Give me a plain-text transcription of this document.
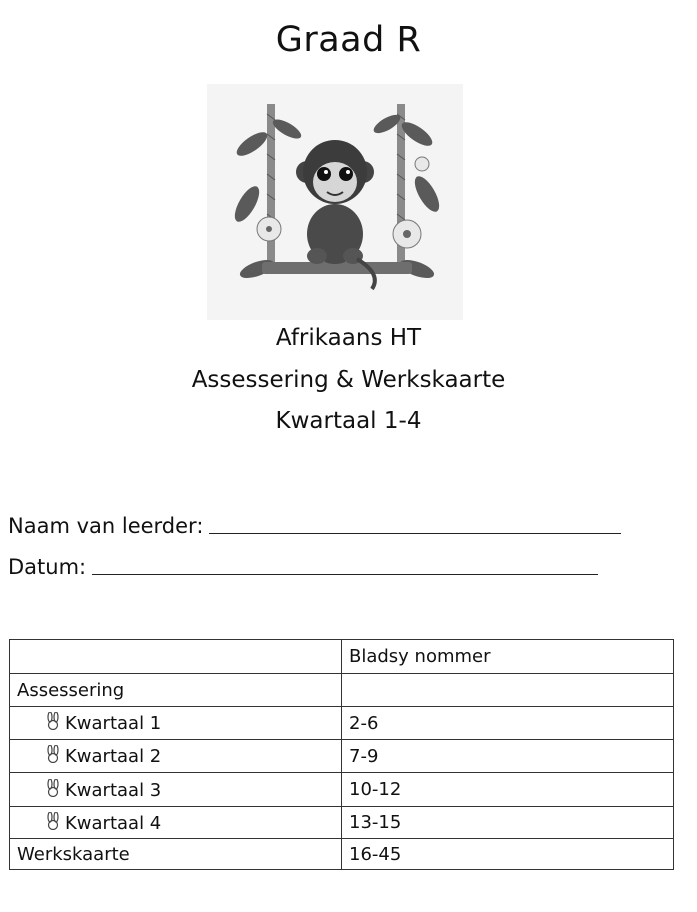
Graad R
Afrikaans HT
Assessering & Werkskaarte
Kwartaal 1-4
Naam van leerder:
Datum:
	Bladsy nommer
Assessering	
Kwartaal 1	2-6
Kwartaal 2	7-9
Kwartaal 3	10-12
Kwartaal 4	13-15
Werkskaarte	16-45
